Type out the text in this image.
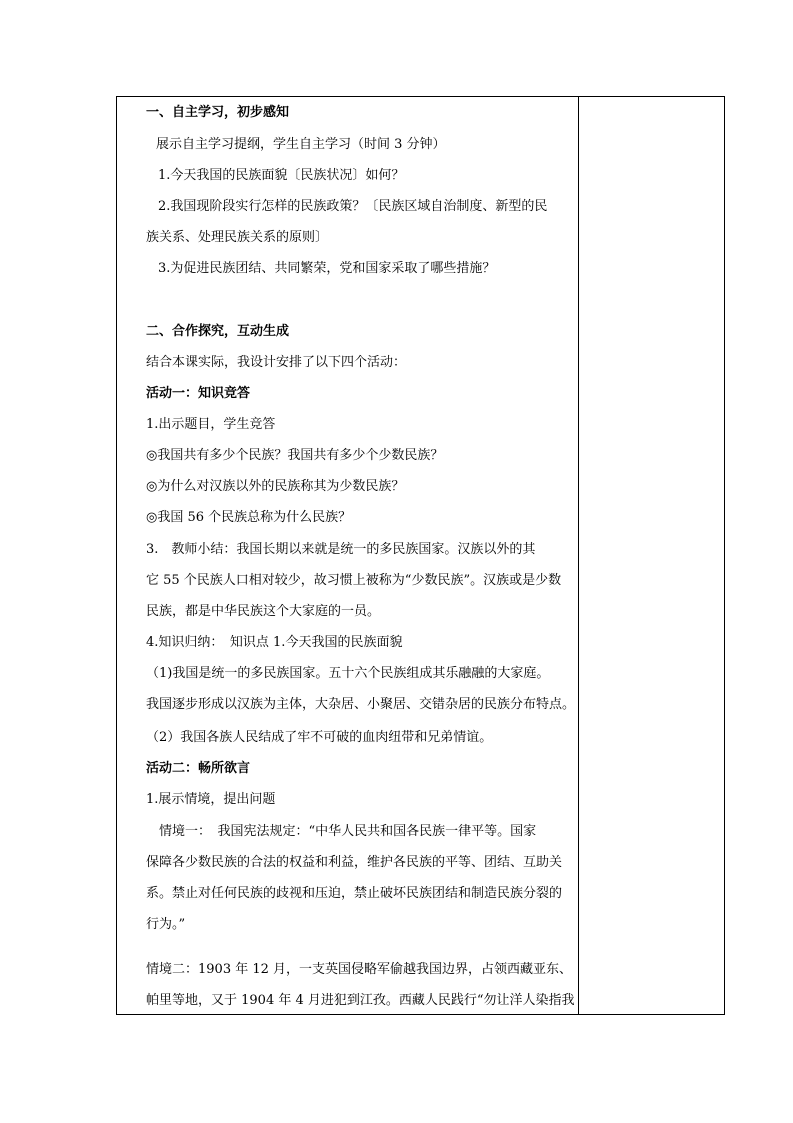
一、自主学习，初步感知
展示自主学习提纲，学生自主学习（时间 3 分钟）
1.今天我国的民族面貌〔民族状况〕如何？
2.我国现阶段实行怎样的民族政策？〔民族区域自治制度、新型的民
族关系、处理民族关系的原则〕
3.为促进民族团结、共同繁荣，党和国家采取了哪些措施？
二、合作探究，互动生成
结合本课实际，我设计安排了以下四个活动：
活动一：知识竞答
1.出示题目，学生竞答
◎我国共有多少个民族？我国共有多少个少数民族？
◎为什么对汉族以外的民族称其为少数民族？
◎我国 56 个民族总称为什么民族？
3.　教师小结：我国长期以来就是统一的多民族国家。汉族以外的其
它 55 个民族人口相对较少，故习惯上被称为“少数民族”。汉族或是少数
民族，都是中华民族这个大家庭的一员。
4.知识归纳：　知识点 1.今天我国的民族面貌
（1)我国是统一的多民族国家。五十六个民族组成其乐融融的大家庭。
我国逐步形成以汉族为主体，大杂居、小聚居、交错杂居的民族分布特点。
（2）我国各族人民结成了牢不可破的血肉纽带和兄弟情谊。
活动二：畅所欲言
1.展示情境，提出问题
情境一：　我国宪法规定：“中华人民共和国各民族一律平等。国家
保障各少数民族的合法的权益和利益，维护各民族的平等、团结、互助关
系。禁止对任何民族的歧视和压迫，禁止破坏民族团结和制造民族分裂的
行为。”
情境二：1903 年 12 月，一支英国侵略军偷越我国边界，占领西藏亚东、
帕里等地，又于 1904 年 4 月进犯到江孜。西藏人民践行“勿让洋人染指我
